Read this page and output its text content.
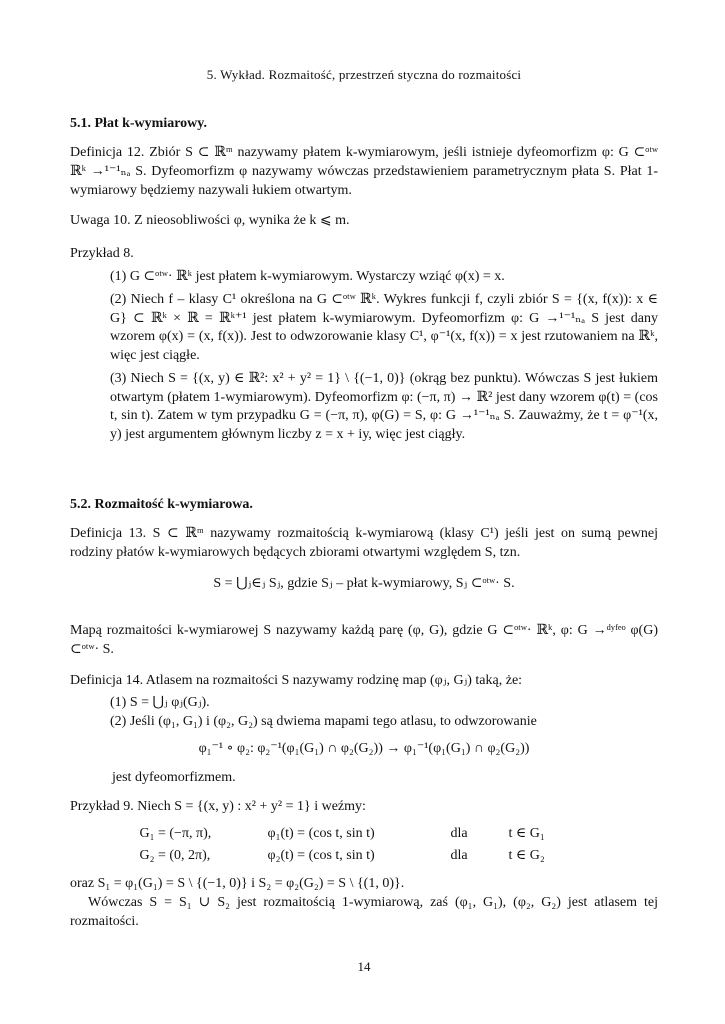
5. Wykład. Rozmaitość, przestrzeń styczna do rozmaitości
5.1. Płat k-wymiarowy.
Definicja 12. Zbiór S ⊂ ℝᵐ nazywamy płatem k-wymiarowym, jeśli istnieje dyfeomorfizm φ: G ⊂ᵒᵗʷ ℝᵏ →¹⁻¹ₙₐ S. Dyfeomorfizm φ nazywamy wówczas przedstawieniem parametrycznym płata S. Płat 1-wymiarowy będziemy nazywali łukiem otwartym.
Uwaga 10. Z nieosobliwości φ, wynika że k ⩽ m.
Przykład 8.
(1) G ⊂ᵒᵗʷ· ℝᵏ jest płatem k-wymiarowym. Wystarczy wziąć φ(x) = x.
(2) Niech f – klasy C¹ określona na G ⊂ᵒᵗʷ ℝᵏ. Wykres funkcji f, czyli zbiór S = {(x, f(x)): x ∈ G} ⊂ ℝᵏ × ℝ = ℝᵏ⁺¹ jest płatem k-wymiarowym. Dyfeomorfizm φ: G →¹⁻¹ₙₐ S jest dany wzorem φ(x) = (x, f(x)). Jest to odwzorowanie klasy C¹, φ⁻¹(x, f(x)) = x jest rzutowaniem na ℝᵏ, więc jest ciągłe.
(3) Niech S = {(x, y) ∈ ℝ²: x² + y² = 1} \ {(−1, 0)} (okrąg bez punktu). Wówczas S jest łukiem otwartym (płatem 1-wymiarowym). Dyfeomorfizm φ: (−π, π) → ℝ² jest dany wzorem φ(t) = (cos t, sin t). Zatem w tym przypadku G = (−π, π), φ(G) = S, φ: G →¹⁻¹ₙₐ S. Zauważmy, że t = φ⁻¹(x, y) jest argumentem głównym liczby z = x + iy, więc jest ciągły.
5.2. Rozmaitość k-wymiarowa.
Definicja 13. S ⊂ ℝᵐ nazywamy rozmaitością k-wymiarową (klasy C¹) jeśli jest on sumą pewnej rodziny płatów k-wymiarowych będących zbiorami otwartymi względem S, tzn.
S = ⋃ⱼ∈ⱼ Sⱼ, gdzie Sⱼ – płat k-wymiarowy, Sⱼ ⊂ᵒᵗʷ· S.
Mapą rozmaitości k-wymiarowej S nazywamy każdą parę (φ, G), gdzie G ⊂ᵒᵗʷ· ℝᵏ, φ: G →ᵈʸᶠᵉᵒ φ(G) ⊂ᵒᵗʷ· S.
Definicja 14. Atlasem na rozmaitości S nazywamy rodzinę map (φⱼ, Gⱼ) taką, że:
(1) S = ⋃ⱼ φⱼ(Gⱼ).
(2) Jeśli (φ₁, G₁) i (φ₂, G₂) są dwiema mapami tego atlasu, to odwzorowanie
φ₁⁻¹ ∘ φ₂: φ₂⁻¹(φ₁(G₁) ∩ φ₂(G₂)) → φ₁⁻¹(φ₁(G₁) ∩ φ₂(G₂))
jest dyfeomorfizmem.
Przykład 9. Niech S = {(x, y) : x² + y² = 1} i weźmy:
G₁ = (−π, π),	φ₁(t) = (cos t, sin t)	dla	t ∈ G₁
G₂ = (0, 2π),	φ₂(t) = (cos t, sin t)	dla	t ∈ G₂
oraz S₁ = φ₁(G₁) = S \ {(−1, 0)} i S₂ = φ₂(G₂) = S \ {(1, 0)}.
Wówczas S = S₁ ∪ S₂ jest rozmaitością 1-wymiarową, zaś (φ₁, G₁), (φ₂, G₂) jest atlasem tej rozmaitości.
14
